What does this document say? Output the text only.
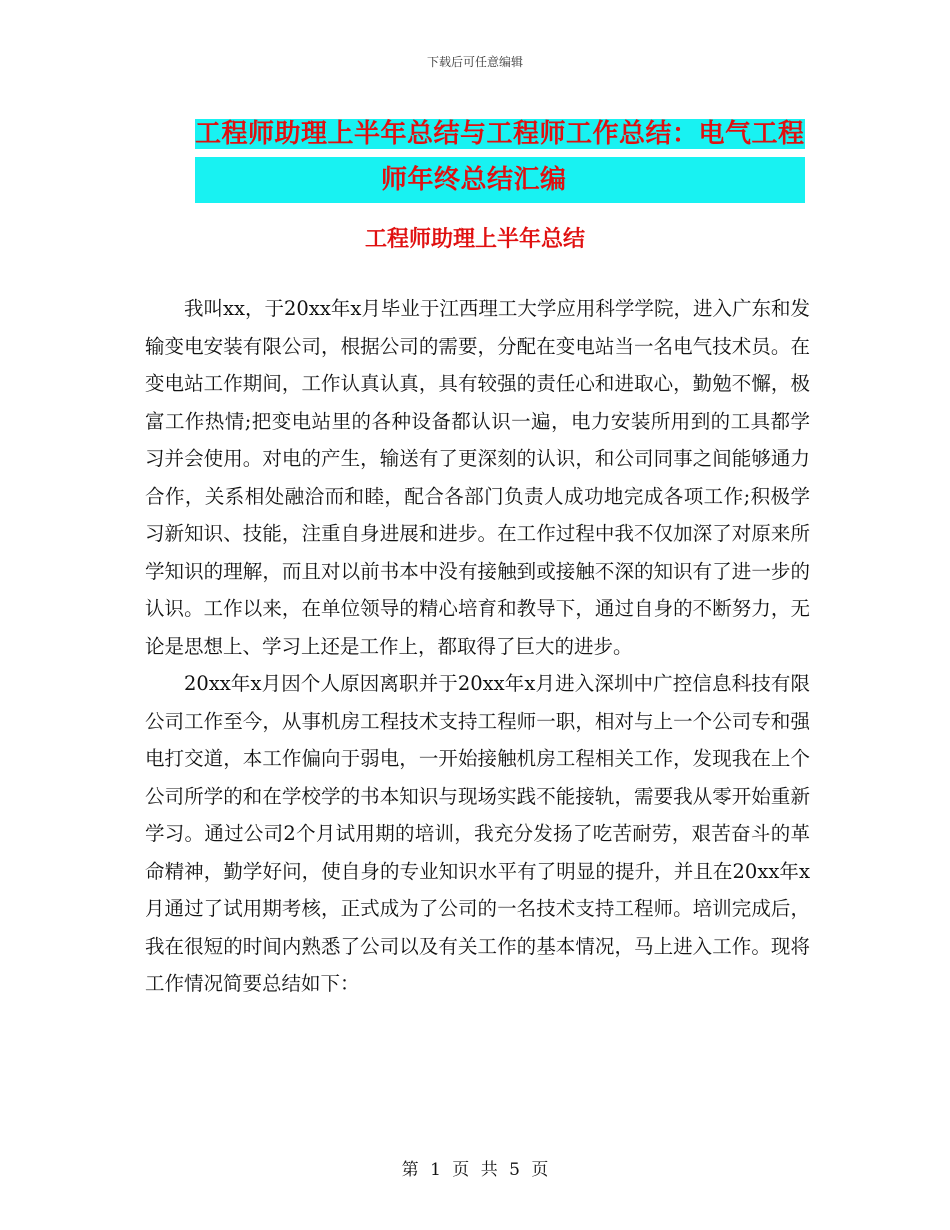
下载后可任意编辑
工程师助理上半年总结与工程师工作总结：电气工程
师年终总结汇编
工程师助理上半年总结

我叫xx，于20xx年x月毕业于江西理工大学应用科学学院，进入广东和发输变电安装有限公司，根据公司的需要，分配在变电站当一名电气技术员。在变电站工作期间，工作认真认真，具有较强的责任心和进取心，勤勉不懈，极富工作热情;把变电站里的各种设备都认识一遍，电力安装所用到的工具都学习并会使用。对电的产生，输送有了更深刻的认识，和公司同事之间能够通力合作，关系相处融洽而和睦，配合各部门负责人成功地完成各项工作;积极学习新知识、技能，注重自身进展和进步。在工作过程中我不仅加深了对原来所学知识的理解，而且对以前书本中没有接触到或接触不深的知识有了进一步的认识。工作以来，在单位领导的精心培育和教导下，通过自身的不断努力，无论是思想上、学习上还是工作上，都取得了巨大的进步。

20xx年x月因个人原因离职并于20xx年x月进入深圳中广控信息科技有限公司工作至今，从事机房工程技术支持工程师一职，相对与上一个公司专和强电打交道，本工作偏向于弱电，一开始接触机房工程相关工作，发现我在上个公司所学的和在学校学的书本知识与现场实践不能接轨，需要我从零开始重新学习。通过公司2个月试用期的培训，我充分发扬了吃苦耐劳，艰苦奋斗的革命精神，勤学好问，使自身的专业知识水平有了明显的提升，并且在20xx年x月通过了试用期考核，正式成为了公司的一名技术支持工程师。培训完成后，我在很短的时间内熟悉了公司以及有关工作的基本情况，马上进入工作。现将工作情况简要总结如下：

第 1 页 共 5 页
